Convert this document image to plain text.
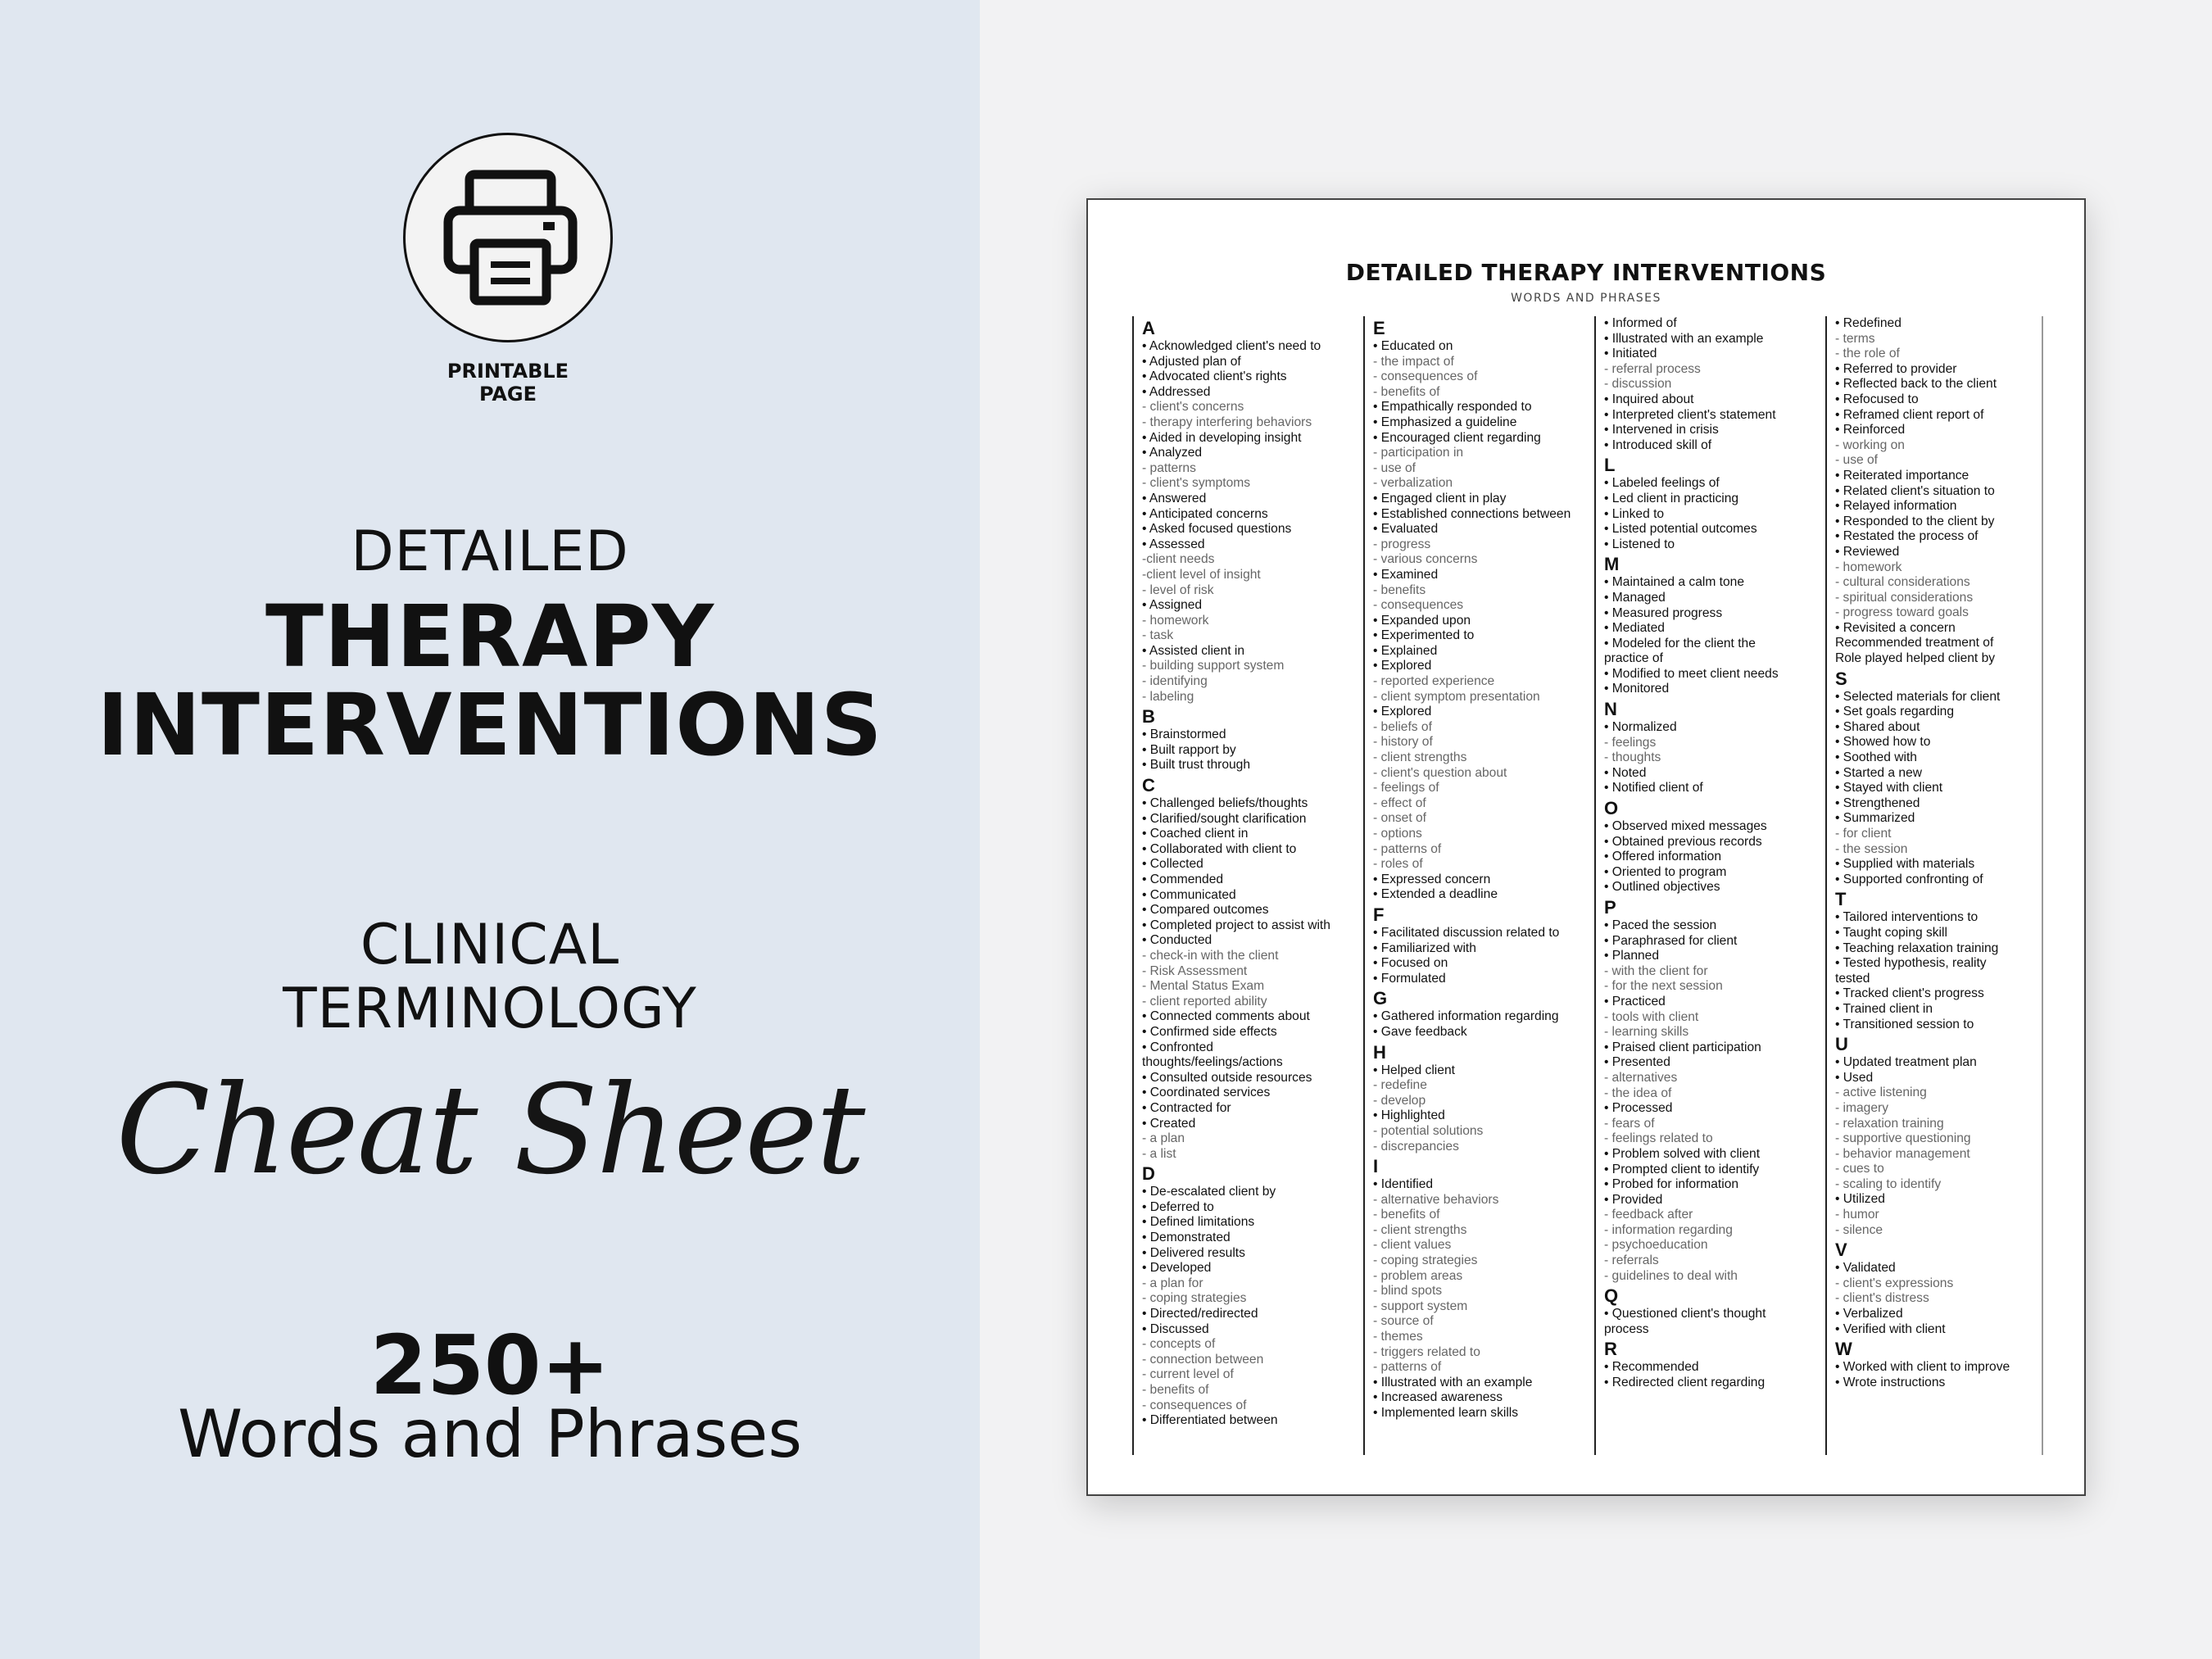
PRINTABLE
PAGE
DETAILED
THERAPY
INTERVENTIONS
CLINICAL
TERMINOLOGY
Cheat Sheet
250+
Words and Phrases
DETAILED THERAPY INTERVENTIONS
WORDS AND PHRASES
A
• Acknowledged client's need to
• Adjusted plan of
• Advocated client's rights
• Addressed
- client's concerns
- therapy interfering behaviors
• Aided in developing insight
• Analyzed
- patterns
- client's symptoms
• Answered
• Anticipated concerns
• Asked focused questions
• Assessed
-client needs
-client level of insight
- level of risk
• Assigned
- homework
- task
• Assisted client in
- building support system
- identifying
- labeling
B
• Brainstormed
• Built rapport by
• Built trust through
C
• Challenged beliefs/thoughts
• Clarified/sought clarification
• Coached client in
• Collaborated with client to
• Collected
• Commended
• Communicated
• Compared outcomes
• Completed project to assist with
• Conducted
- check-in with the client
- Risk Assessment
- Mental Status Exam
- client reported ability
• Connected comments about
• Confirmed side effects
• Confronted
thoughts/feelings/actions
• Consulted outside resources
• Coordinated services
• Contracted for
• Created
- a plan
- a list
D
• De-escalated client by
• Deferred to
• Defined limitations
• Demonstrated
• Delivered results
• Developed
- a plan for
- coping strategies
• Directed/redirected
• Discussed
- concepts of
- connection between
- current level of
- benefits of
- consequences of
• Differentiated between
E
• Educated on
- the impact of
- consequences of
- benefits of
• Empathically responded to
• Emphasized a guideline
• Encouraged client regarding
- participation in
- use of
- verbalization
• Engaged client in play
• Established connections between
• Evaluated
- progress
- various concerns
• Examined
- benefits
- consequences
• Expanded upon
• Experimented to
• Explained
• Explored
- reported experience
- client symptom presentation
• Explored
- beliefs of
- history of
- client strengths
- client's question about
- feelings of
- effect of
- onset of
- options
- patterns of
- roles of
• Expressed concern
• Extended a deadline
F
• Facilitated discussion related to
• Familiarized with
• Focused on
• Formulated
G
• Gathered information regarding
• Gave feedback
H
• Helped client
- redefine
- develop
• Highlighted
- potential solutions
- discrepancies
I
• Identified
- alternative behaviors
- benefits of
- client strengths
- client values
- coping strategies
- problem areas
- blind spots
- support system
- source of
- themes
- triggers related to
- patterns of
• Illustrated with an example
• Increased awareness
• Implemented learn skills
• Informed of
• Illustrated with an example
• Initiated
- referral process
- discussion
• Inquired about
• Interpreted client's statement
• Intervened in crisis
• Introduced skill of
L
• Labeled feelings of
• Led client in practicing
• Linked to
• Listed potential outcomes
• Listened to
M
• Maintained a calm tone
• Managed
• Measured progress
• Mediated
• Modeled for the client the
practice of
• Modified to meet client needs
• Monitored
N
• Normalized
- feelings
- thoughts
• Noted
• Notified client of
O
• Observed mixed messages
• Obtained previous records
• Offered information
• Oriented to program
• Outlined objectives
P
• Paced the session
• Paraphrased for client
• Planned
- with the client for
- for the next session
• Practiced
- tools with client
- learning skills
• Praised client participation
• Presented
- alternatives
- the idea of
• Processed
- fears of
- feelings related to
• Problem solved with client
• Prompted client to identify
• Probed for information
• Provided
- feedback after
- information regarding
- psychoeducation
- referrals
- guidelines to deal with
Q
• Questioned client's thought
process
R
• Recommended
• Redirected client regarding
• Redefined
- terms
- the role of
• Referred to provider
• Reflected back to the client
• Refocused to
• Reframed client report of
• Reinforced
- working on
- use of
• Reiterated importance
• Related client's situation to
• Relayed information
• Responded to the client by
• Restated the process of
• Reviewed
- homework
- cultural considerations
- spiritual considerations
- progress toward goals
• Revisited a concern
Recommended treatment of
Role played helped client by
S
• Selected materials for client
• Set goals regarding
• Shared about
• Showed how to
• Soothed with
• Started a new
• Stayed with client
• Strengthened
• Summarized
- for client
- the session
• Supplied with materials
• Supported confronting of
T
• Tailored interventions to
• Taught coping skill
• Teaching relaxation training
• Tested hypothesis, reality
tested
• Tracked client's progress
• Trained client in
• Transitioned session to
U
• Updated treatment plan
• Used
- active listening
- imagery
- relaxation training
- supportive questioning
- behavior management
- cues to
- scaling to identify
• Utilized
- humor
- silence
V
• Validated
- client's expressions
- client's distress
• Verbalized
• Verified with client
W
• Worked with client to improve
• Wrote instructions
